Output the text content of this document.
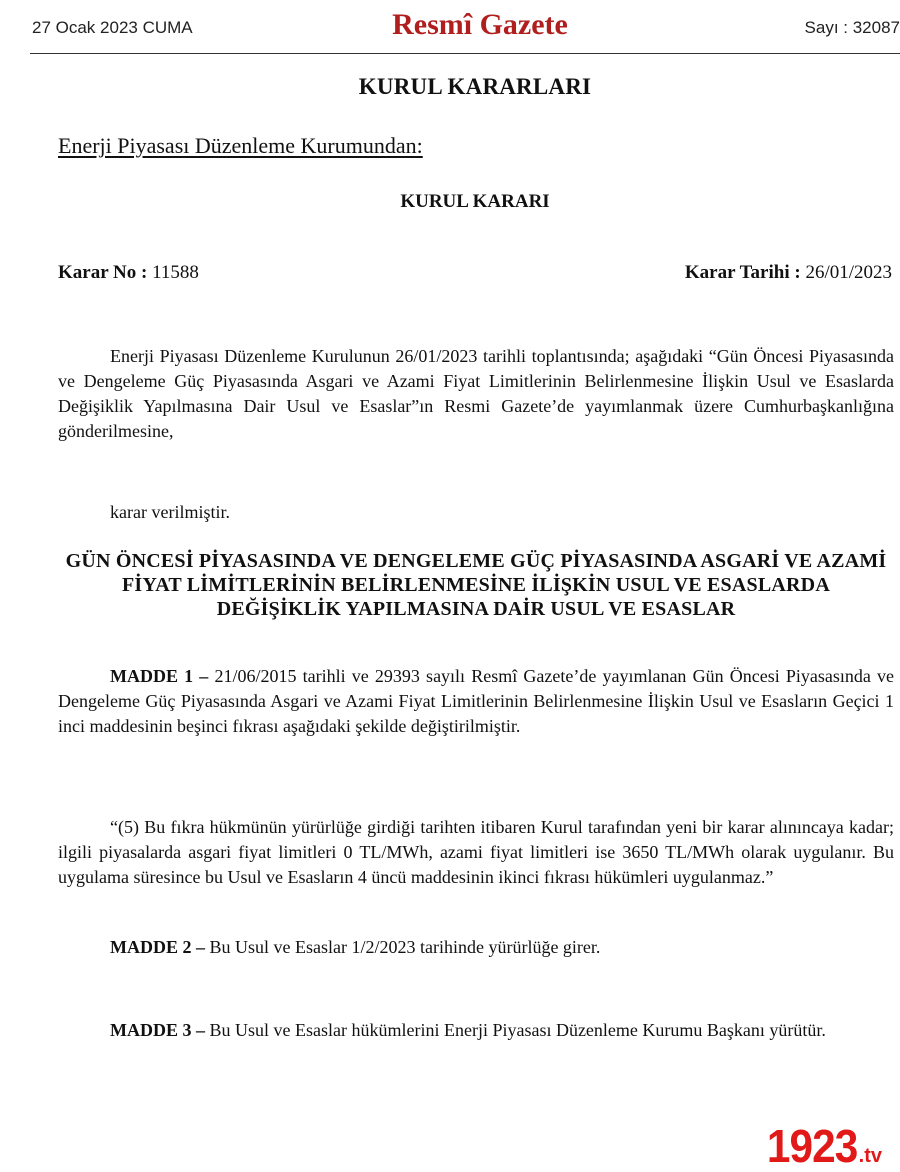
27 Ocak 2023 CUMA	Resmî Gazete	Sayı : 32087
KURUL KARARLARI
Enerji Piyasası Düzenleme Kurumundan:
KURUL KARARI
Karar No : 11588	Karar Tarihi : 26/01/2023
Enerji Piyasası Düzenleme Kurulunun 26/01/2023 tarihli toplantısında; aşağıdaki “Gün Öncesi Piyasasında ve Dengeleme Güç Piyasasında Asgari ve Azami Fiyat Limitlerinin Belirlenmesine İlişkin Usul ve Esaslarda Değişiklik Yapılmasına Dair Usul ve Esaslar”ın Resmi Gazete’de yayımlanmak üzere Cumhurbaşkanlığına gönderilmesine,
karar verilmiştir.
GÜN ÖNCESİ PİYASASINDA VE DENGELEME GÜÇ PİYASASINDA ASGARİ VE AZAMİ FİYAT LİMİTLERİNİN BELİRLENMESİNE İLİŞKİN USUL VE ESASLARDA DEĞİŞİKLİK YAPILMASINA DAİR USUL VE ESASLAR
MADDE 1 – 21/06/2015 tarihli ve 29393 sayılı Resmî Gazete’de yayımlanan Gün Öncesi Piyasasında ve Dengeleme Güç Piyasasında Asgari ve Azami Fiyat Limitlerinin Belirlenmesine İlişkin Usul ve Esasların Geçici 1 inci maddesinin beşinci fıkrası aşağıdaki şekilde değiştirilmiştir.
“(5) Bu fıkra hükmünün yürürlüğe girdiği tarihten itibaren Kurul tarafından yeni bir karar alınıncaya kadar; ilgili piyasalarda asgari fiyat limitleri 0 TL/MWh, azami fiyat limitleri ise 3650 TL/MWh olarak uygulanır. Bu uygulama süresince bu Usul ve Esasların 4 üncü maddesinin ikinci fıkrası hükümleri uygulanmaz.”
MADDE 2 – Bu Usul ve Esaslar 1/2/2023 tarihinde yürürlüğe girer.
MADDE 3 – Bu Usul ve Esaslar hükümlerini Enerji Piyasası Düzenleme Kurumu Başkanı yürütür.
1923 .tv
